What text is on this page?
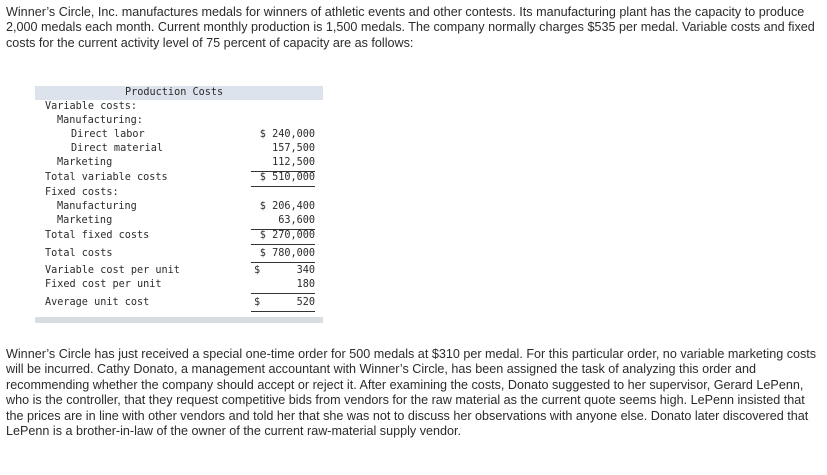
Winner’s Circle, Inc. manufactures medals for winners of athletic events and other contests. Its manufacturing plant has the capacity to produce 2,000 medals each month. Current monthly production is 1,500 medals. The company normally charges $535 per medal. Variable costs and fixed costs for the current activity level of 75 percent of capacity are as follows:

Production Costs
Variable costs:
Manufacturing:
Direct labor	$ 240,000
Direct material	157,500
Marketing	112,500
Total variable costs	$ 510,000
Fixed costs:
Manufacturing	$ 206,400
Marketing	63,600
Total fixed costs	$ 270,000
Total costs	$ 780,000
Variable cost per unit	$	340
Fixed cost per unit	180
Average unit cost	$	520

Winner’s Circle has just received a special one-time order for 500 medals at $310 per medal. For this particular order, no variable marketing costs will be incurred. Cathy Donato, a management accountant with Winner’s Circle, has been assigned the task of analyzing this order and recommending whether the company should accept or reject it. After examining the costs, Donato suggested to her supervisor, Gerard LePenn, who is the controller, that they request competitive bids from vendors for the raw material as the current quote seems high. LePenn insisted that the prices are in line with other vendors and told her that she was not to discuss her observations with anyone else. Donato later discovered that LePenn is a brother-in-law of the owner of the current raw-material supply vendor.
